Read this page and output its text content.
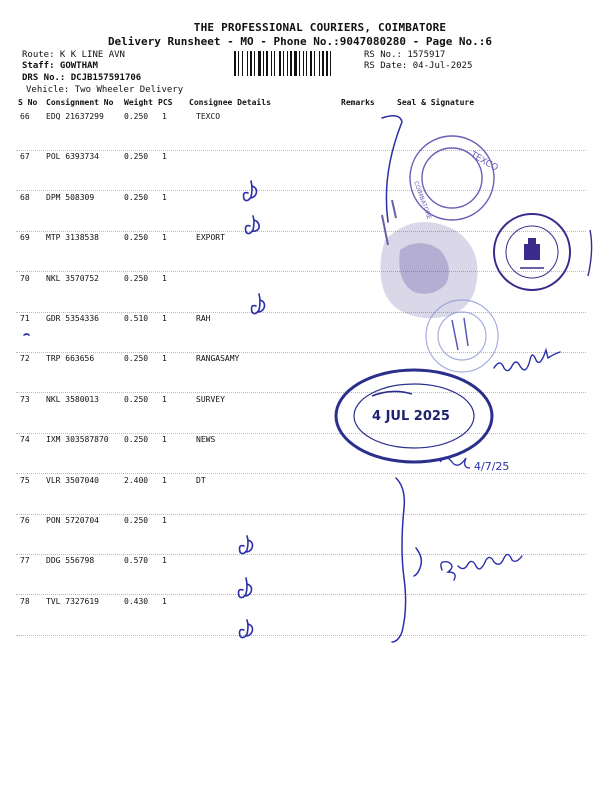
THE PROFESSIONAL COURIERS, COIMBATORE
Delivery Runsheet - MO - Phone No.:9047080280 - Page No.:6
Route: K K LINE AVN
Staff: GOWTHAM
DRS No.: DCJB157591706
Vehicle: Two Wheeler Delivery
RS No.: 1575917
RS Date: 04-Jul-2025
S No Consignment No Weight PCS Consignee Details	Remarks	Seal & Signature
66 EDQ 21637299	0.250 1	TEXCO
67 POL 6393734	0.250 1
68 DPM 508309	0.250 1
69 MTP 3138538	0.250 1	EXPORT
70 NKL 3570752	0.250 1
71 GDR 5354336	0.510 1	RAH
72 TRP 663656	0.250 1	RANGASAMY
73 NKL 3580013	0.250 1	SURVEY
74 IXM 303587870 0.250 1	NEWS
75 VLR 3507040	2.400 1	DT
76 PON 5720704	0.250 1
77 DDG 556798	0.570 1
78 TVL 7327619	0.430 1
TEXCO
COIMBATORE
4 JUL 2025
4/7/25
